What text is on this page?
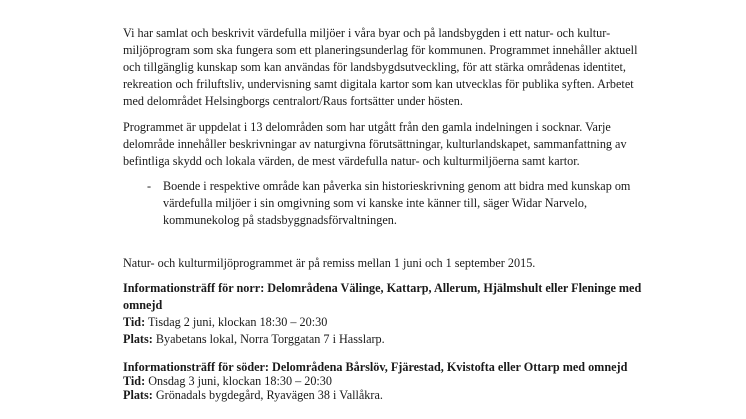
Vi har samlat och beskrivit värdefulla miljöer i våra byar och på landsbygden i ett natur- och kultur-miljöprogram som ska fungera som ett planeringsunderlag för kommunen. Programmet innehåller aktuell och tillgänglig kunskap som kan användas för landsbygdsutveckling, för att stärka områdenas identitet, rekreation och friluftsliv, undervisning samt digitala kartor som kan utvecklas för publika syften. Arbetet med delområdet Helsingborgs centralort/Raus fortsätter under hösten.

Programmet är uppdelat i 13 delområden som har utgått från den gamla indelningen i socknar. Varje delområde innehåller beskrivningar av naturgivna förutsättningar, kulturlandskapet, sammanfattning av befintliga skydd och lokala värden, de mest värdefulla natur- och kulturmiljöerna samt kartor.

- Boende i respektive område kan påverka sin historieskrivning genom att bidra med kunskap om värdefulla miljöer i sin omgivning som vi kanske inte känner till, säger Widar Narvelo, kommunekolog på stadsbyggnadsförvaltningen.

Natur- och kulturmiljöprogrammet är på remiss mellan 1 juni och 1 september 2015.

Informationsträff för norr: Delområdena Välinge, Kattarp, Allerum, Hjälmshult eller Fleninge med omnejd
Tid: Tisdag 2 juni, klockan 18:30 – 20:30
Plats: Byabetans lokal, Norra Torggatan 7 i Hasslarp.
Informationsträff för söder: Delområdena Bårslöv, Fjärestad, Kvistofta eller Ottarp med omnejd
Tid: Onsdag 3 juni, klockan 18:30 – 20:30
Plats: Grönadals bygdegård, Ryavägen 38 i Vallåkra.
